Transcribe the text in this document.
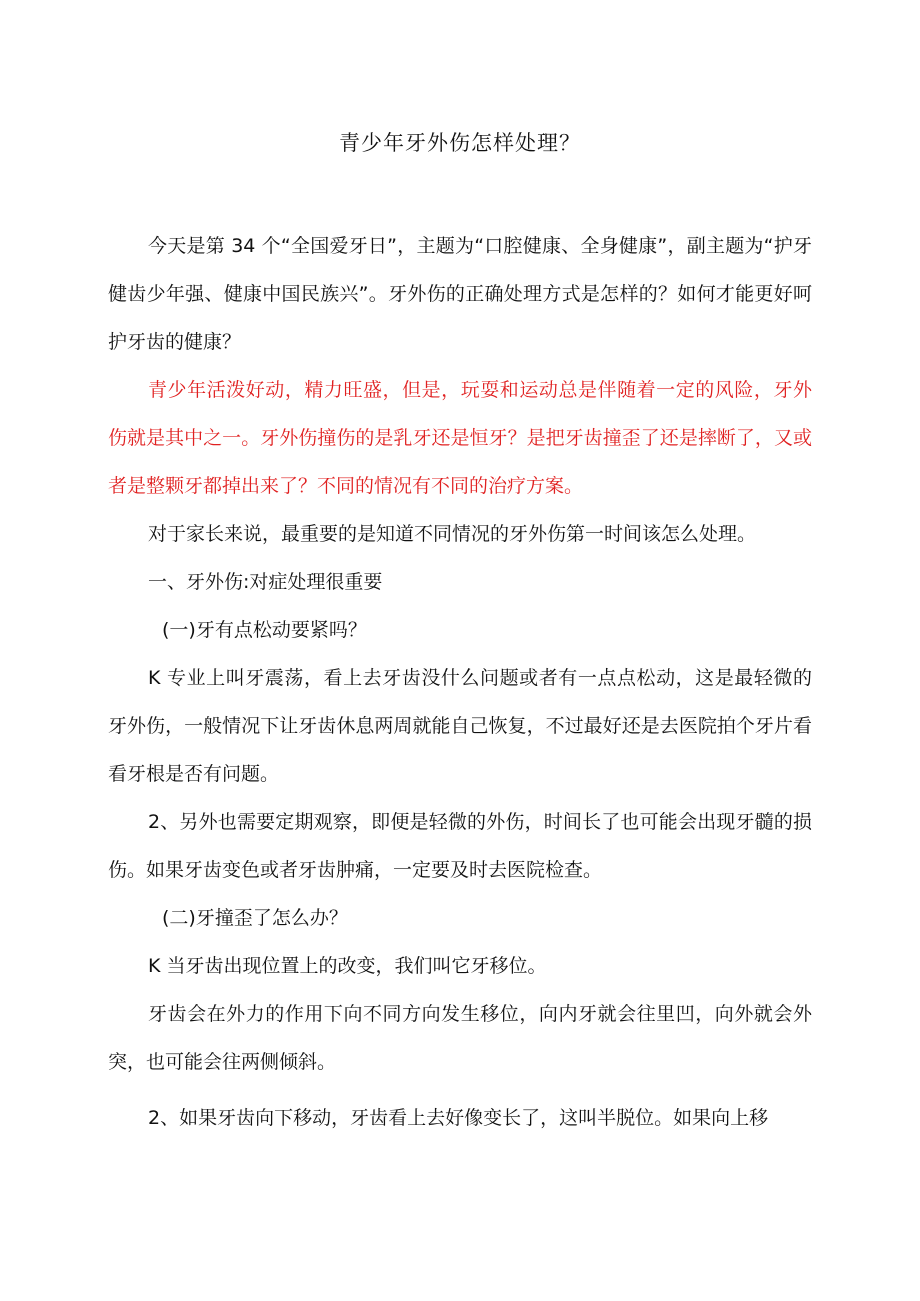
青少年牙外伤怎样处理？

今天是第 34 个“全国爱牙日”，主题为“口腔健康、全身健康”，副主题为“护牙健齿少年强、健康中国民族兴”。牙外伤的正确处理方式是怎样的？如何才能更好呵护牙齿的健康？

青少年活泼好动，精力旺盛，但是，玩耍和运动总是伴随着一定的风险，牙外伤就是其中之一。牙外伤撞伤的是乳牙还是恒牙？是把牙齿撞歪了还是摔断了，又或者是整颗牙都掉出来了？不同的情况有不同的治疗方案。

对于家长来说，最重要的是知道不同情况的牙外伤第一时间该怎么处理。

一、牙外伤:对症处理很重要

(一)牙有点松动要紧吗？

K 专业上叫牙震荡，看上去牙齿没什么问题或者有一点点松动，这是最轻微的牙外伤，一般情况下让牙齿休息两周就能自己恢复，不过最好还是去医院拍个牙片看看牙根是否有问题。

2、另外也需要定期观察，即便是轻微的外伤，时间长了也可能会出现牙髓的损伤。如果牙齿变色或者牙齿肿痛，一定要及时去医院检查。

(二)牙撞歪了怎么办？

K 当牙齿出现位置上的改变，我们叫它牙移位。

牙齿会在外力的作用下向不同方向发生移位，向内牙就会往里凹，向外就会外突，也可能会往两侧倾斜。

2、如果牙齿向下移动，牙齿看上去好像变长了，这叫半脱位。如果向上移
